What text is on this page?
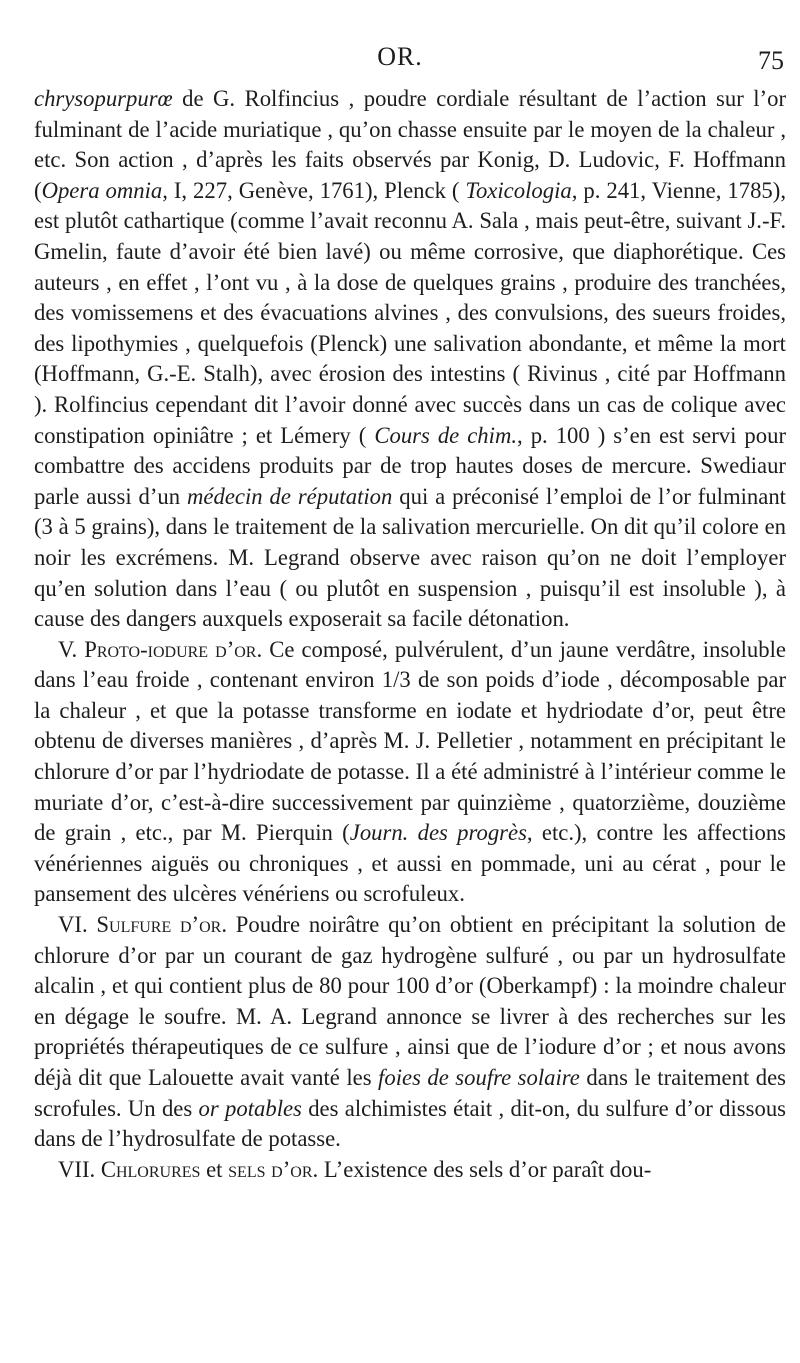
OR.	75

chrysopurpurœ de G. Rolfincius , poudre cordiale résultant de l’action sur l’or fulminant de l’acide muriatique , qu’on chasse ensuite par le moyen de la chaleur , etc. Son action , d’après les faits observés par Konig, D. Ludovic, F. Hoffmann (Opera omnia, I, 227, Genève, 1761), Plenck ( Toxicologia, p. 241, Vienne, 1785), est plutôt cathartique (comme l’avait reconnu A. Sala , mais peut-être, suivant J.-F. Gmelin, faute d’avoir été bien lavé) ou même corrosive, que diaphorétique. Ces auteurs , en effet , l’ont vu , à la dose de quelques grains , produire des tranchées, des vomissemens et des évacuations alvines , des convulsions, des sueurs froides, des lipothymies , quelquefois (Plenck) une salivation abondante, et même la mort (Hoffmann, G.-E. Stalh), avec érosion des intestins ( Rivinus , cité par Hoffmann ). Rolfincius cependant dit l’avoir donné avec succès dans un cas de colique avec constipation opiniâtre ; et Lémery ( Cours de chim., p. 100 ) s’en est servi pour combattre des accidens produits par de trop hautes doses de mercure. Swediaur parle aussi d’un médecin de réputation qui a préconisé l’emploi de l’or fulminant (3 à 5 grains), dans le traitement de la salivation mercurielle. On dit qu’il colore en noir les excrémens. M. Legrand observe avec raison qu’on ne doit l’employer qu’en solution dans l’eau ( ou plutôt en suspension , puisqu’il est insoluble ), à cause des dangers auxquels exposerait sa facile détonation.

V. Proto-iodure d’or. Ce composé, pulvérulent, d’un jaune verdâtre, insoluble dans l’eau froide , contenant environ 1/3 de son poids d’iode , décomposable par la chaleur , et que la potasse transforme en iodate et hydriodate d’or, peut être obtenu de diverses manières , d’après M. J. Pelletier , notamment en précipitant le chlorure d’or par l’hydriodate de potasse. Il a été administré à l’intérieur comme le muriate d’or, c’est-à-dire successivement par quinzième , quatorzième, douzième de grain , etc., par M. Pierquin (Journ. des progrès, etc.), contre les affections vénériennes aiguës ou chroniques , et aussi en pommade, uni au cérat , pour le pansement des ulcères vénériens ou scrofuleux.

VI. Sulfure d’or. Poudre noirâtre qu’on obtient en précipitant la solution de chlorure d’or par un courant de gaz hydrogène sulfuré , ou par un hydrosulfate alcalin , et qui contient plus de 80 pour 100 d’or (Oberkampf) : la moindre chaleur en dégage le soufre. M. A. Legrand annonce se livrer à des recherches sur les propriétés thérapeutiques de ce sulfure , ainsi que de l’iodure d’or ; et nous avons déjà dit que Lalouette avait vanté les foies de soufre solaire dans le traitement des scrofules. Un des or potables des alchimistes était , dit-on, du sulfure d’or dissous dans de l’hydrosulfate de potasse.

VII. Chlorures et sels d’or. L’existence des sels d’or paraît dou-
